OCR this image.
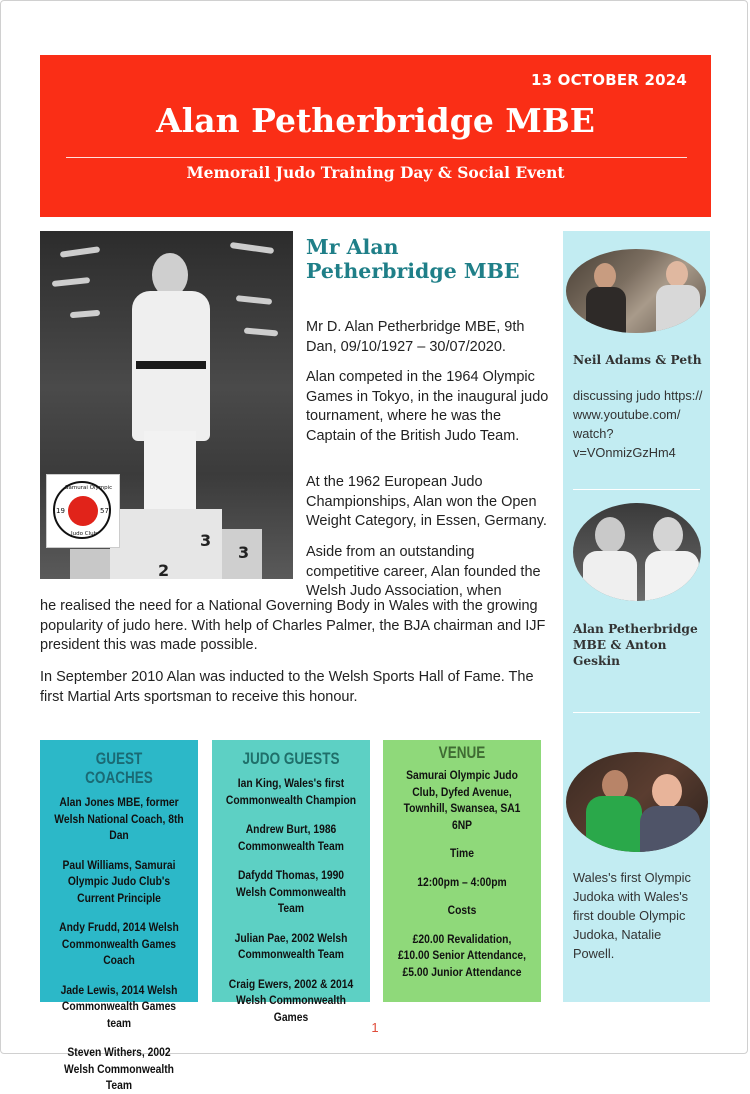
13 OCTOBER 2024
Alan Petherbridge MBE
Memorail Judo Training Day & Social Event
3
3
2
Samurai Olympic
19	57
Judo Club
Mr Alan Petherbridge MBE

Mr D. Alan Petherbridge MBE, 9th Dan, 09/10/1927 – 30/07/2020.

Alan competed in the 1964 Olympic Games in Tokyo, in the inaugural judo tournament, where he was the Captain of the British Judo Team.

At the 1962 European Judo Championships, Alan won the Open Weight Category, in Essen, Germany.

Aside from an outstanding competitive career, Alan founded the Welsh Judo Association, when

he realised the need for a National Governing Body in Wales with the growing popularity of judo here. With help of Charles Palmer, the BJA chairman and IJF president this was made possible.

In September 2010 Alan was inducted to the Welsh Sports Hall of Fame. The first Martial Arts sportsman to receive this honour.

Neil Adams & Peth
discussing judo https:// www.youtube.com/ watch? v=VOnmizGzHm4
Alan Petherbridge MBE & Anton Geskin
Wales's first Olympic Judoka with Wales's first double Olympic Judoka, Natalie Powell.
GUEST COACHES
Alan Jones MBE, former Welsh National Coach, 8th Dan
Paul Williams, Samurai Olympic Judo Club's Current Principle
Andy Frudd, 2014 Welsh Commonwealth Games Coach
Jade Lewis, 2014 Welsh Commonwealth Games team
Steven Withers, 2002 Welsh Commonwealth Team
JUDO GUESTS
Ian King, Wales's first Commonwealth Champion
Andrew Burt, 1986 Commonwealth Team
Dafydd Thomas, 1990 Welsh Commonwealth Team
Julian Pae, 2002 Welsh Commonwealth Team
Craig Ewers, 2002 & 2014 Welsh Commonwealth Games
VENUE
Samurai Olympic Judo Club, Dyfed Avenue, Townhill, Swansea, SA1 6NP
Time
12:00pm – 4:00pm
Costs
£20.00 Revalidation, £10.00 Senior Attendance, £5.00 Junior Attendance
1
